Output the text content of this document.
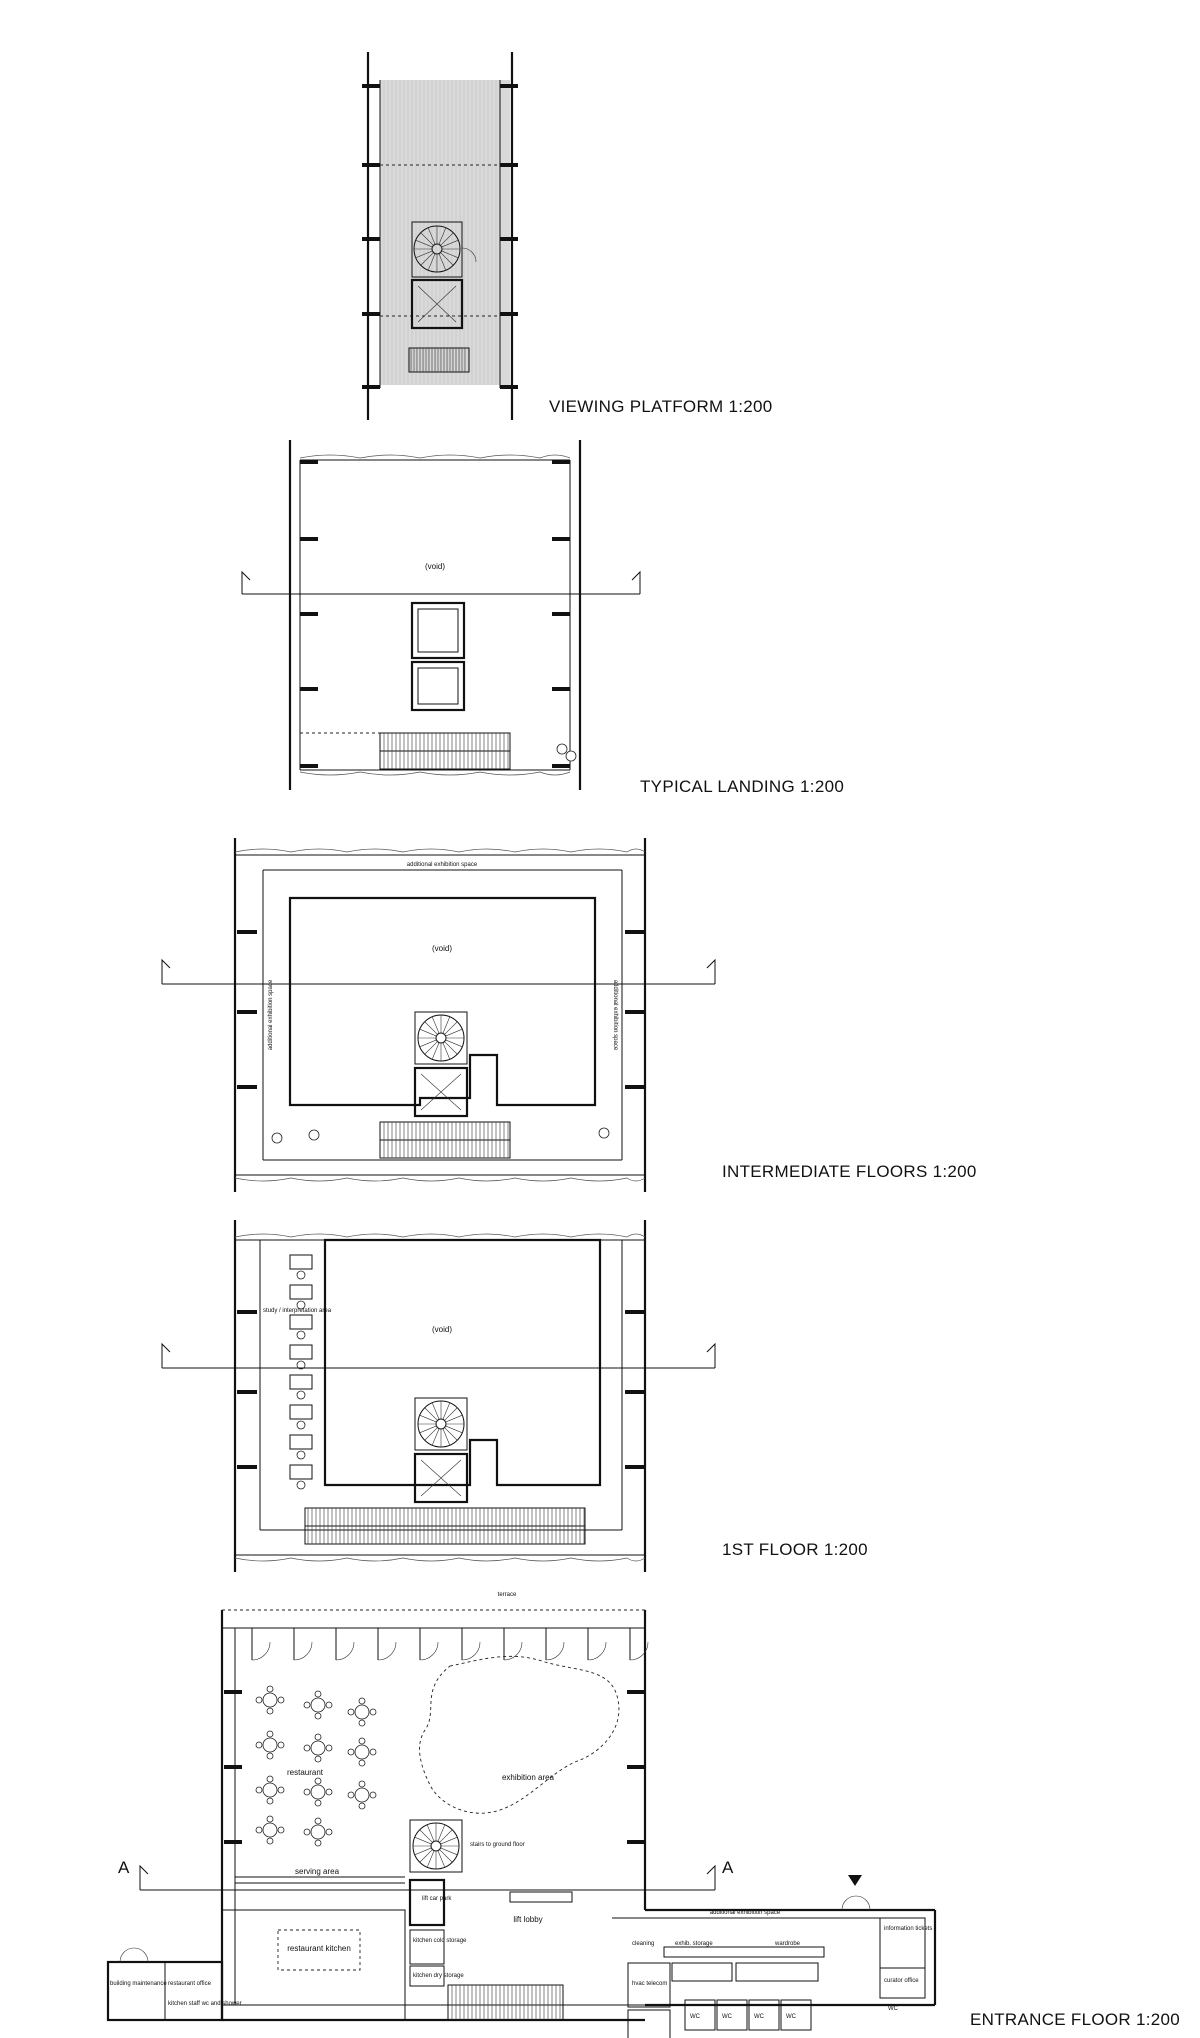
VIEWING PLATFORM 1:200
(void)
TYPICAL LANDING 1:200
(void)
additional exhibition space
additional exhibition space	additional exhibition space
INTERMEDIATE FLOORS 1:200
(void)
study / interpretation area
1ST FLOOR 1:200
A	A
terrace
restaurant
exhibition area
serving area
restaurant kitchen
lift car park
stairs to ground floor
lift lobby
kitchen cold storage
kitchen dry storage
additional exhibition space
cleaning	exhib. storage	wardrobe
hvac telecom
WC	WC	WC	WC
WC
information tickets
curator office
building maintenance restaurant office
kitchen staff wc and shower
ENTRANCE FLOOR 1:200
